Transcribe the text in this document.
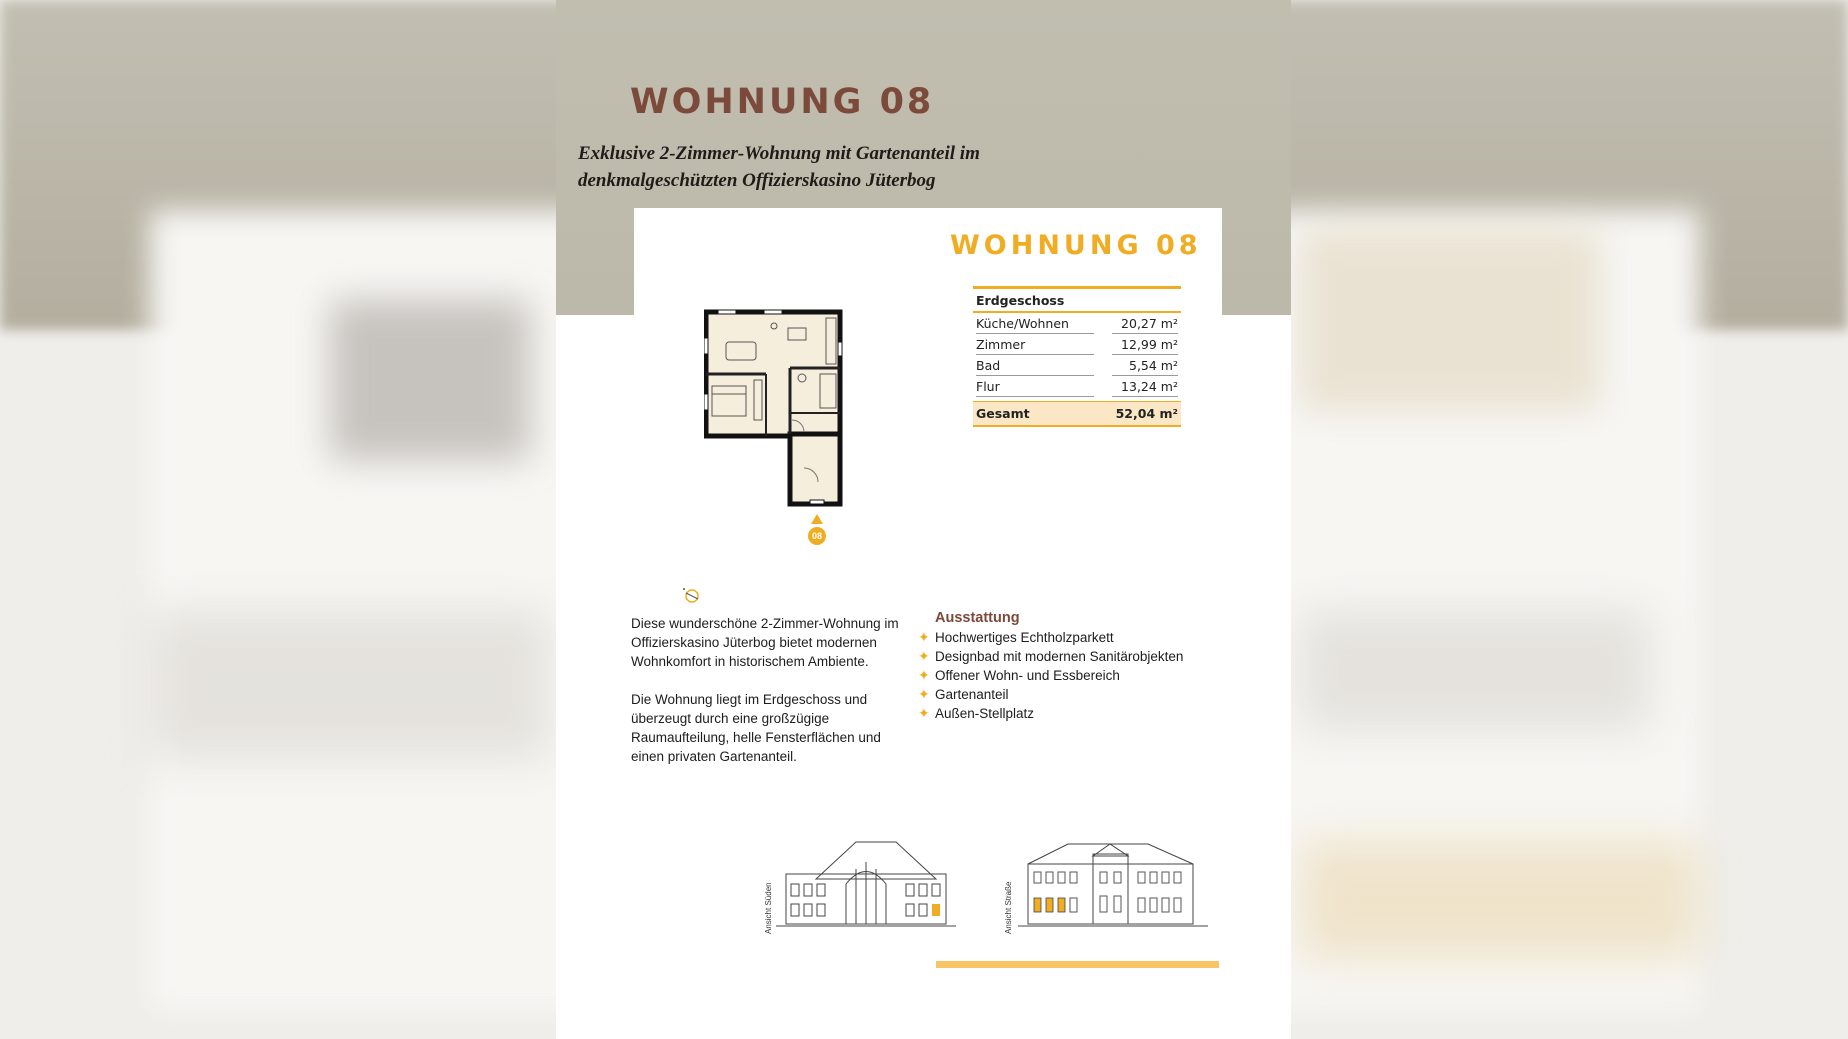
WOHNUNG 08
Exklusive 2-Zimmer-Wohnung mit Gartenanteil im
denkmalgeschützten Offizierskasino Jüterbog
WOHNUNG 08
08
Erdgeschoss
Küche/Wohnen	20,27 m²
Zimmer	12,99 m²
Bad	5,54 m²
Flur	13,24 m²
Gesamt	52,04 m²

Diese wunderschöne 2-Zimmer-Wohnung im Offizierskasino Jüterbog bietet modernen Wohnkomfort in historischem Ambiente.

Die Wohnung liegt im Erdgeschoss und überzeugt durch eine großzügige Raumaufteilung, helle Fensterflächen und einen privaten Gartenanteil.

Ausstattung
✦ Hochwertiges Echtholzparkett
✦ Designbad mit modernen Sanitärobjekten
✦ Offener Wohn- und Essbereich
✦ Gartenanteil
✦ Außen-Stellplatz
Ansicht Süden	Ansicht Straße
